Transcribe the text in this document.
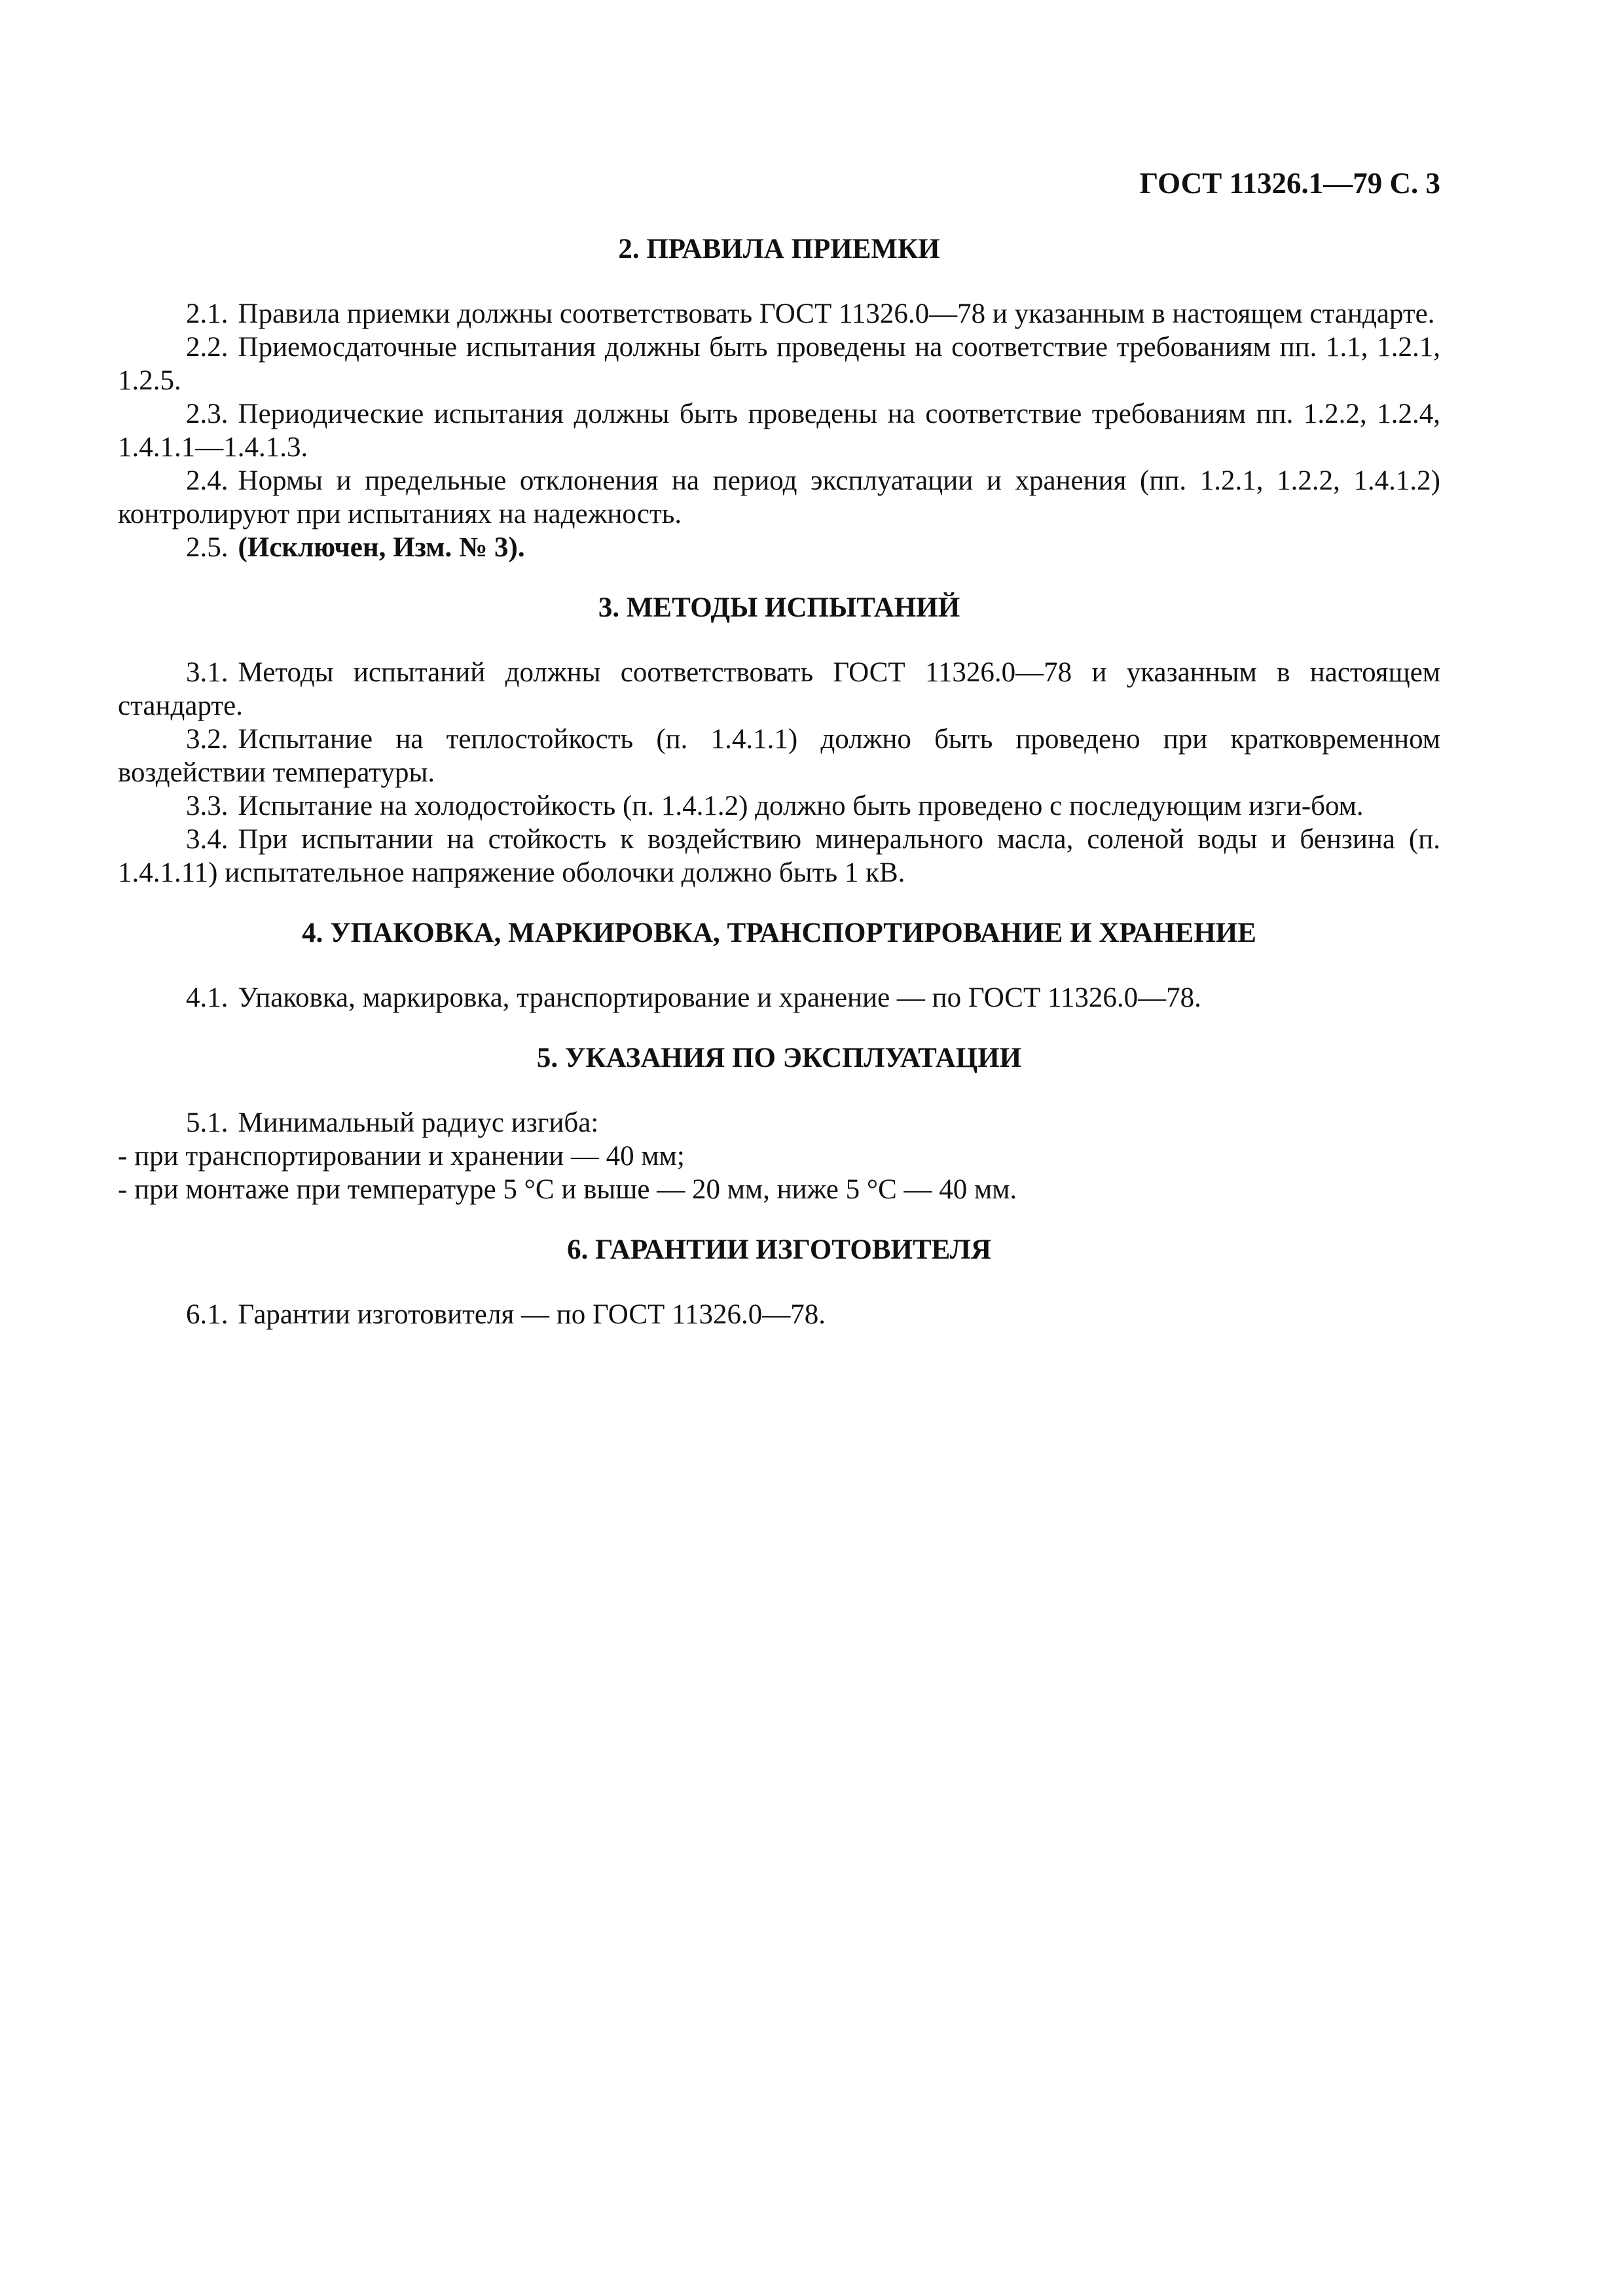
ГОСТ 11326.1—79 С. 3
2. ПРАВИЛА ПРИЕМКИ

2.1. Правила приемки должны соответствовать ГОСТ 11326.0—78 и указанным в настоящем стандарте.

2.2. Приемосдаточные испытания должны быть проведены на соответствие требованиям пп. 1.1, 1.2.1, 1.2.5.

2.3. Периодические испытания должны быть проведены на соответствие требованиям пп. 1.2.2, 1.2.4, 1.4.1.1—1.4.1.3.

2.4. Нормы и предельные отклонения на период эксплуатации и хранения (пп. 1.2.1, 1.2.2, 1.4.1.2) контролируют при испытаниях на надежность.

2.5. (Исключен, Изм. № 3).

3. МЕТОДЫ ИСПЫТАНИЙ

3.1. Методы испытаний должны соответствовать ГОСТ 11326.0—78 и указанным в настоящем стандарте.

3.2. Испытание на теплостойкость (п. 1.4.1.1) должно быть проведено при кратковременном воздействии температуры.

3.3. Испытание на холодостойкость (п. 1.4.1.2) должно быть проведено с последующим изги-бом.

3.4. При испытании на стойкость к воздействию минерального масла, соленой воды и бензина (п. 1.4.1.11) испытательное напряжение оболочки должно быть 1 кВ.

4. УПАКОВКА, МАРКИРОВКА, ТРАНСПОРТИРОВАНИЕ И ХРАНЕНИЕ

4.1. Упаковка, маркировка, транспортирование и хранение — по ГОСТ 11326.0—78.

5. УКАЗАНИЯ ПО ЭКСПЛУАТАЦИИ

5.1. Минимальный радиус изгиба:

- при транспортировании и хранении — 40 мм;

- при монтаже при температуре 5 °С и выше — 20 мм, ниже 5 °С — 40 мм.

6. ГАРАНТИИ ИЗГОТОВИТЕЛЯ

6.1. Гарантии изготовителя — по ГОСТ 11326.0—78.
